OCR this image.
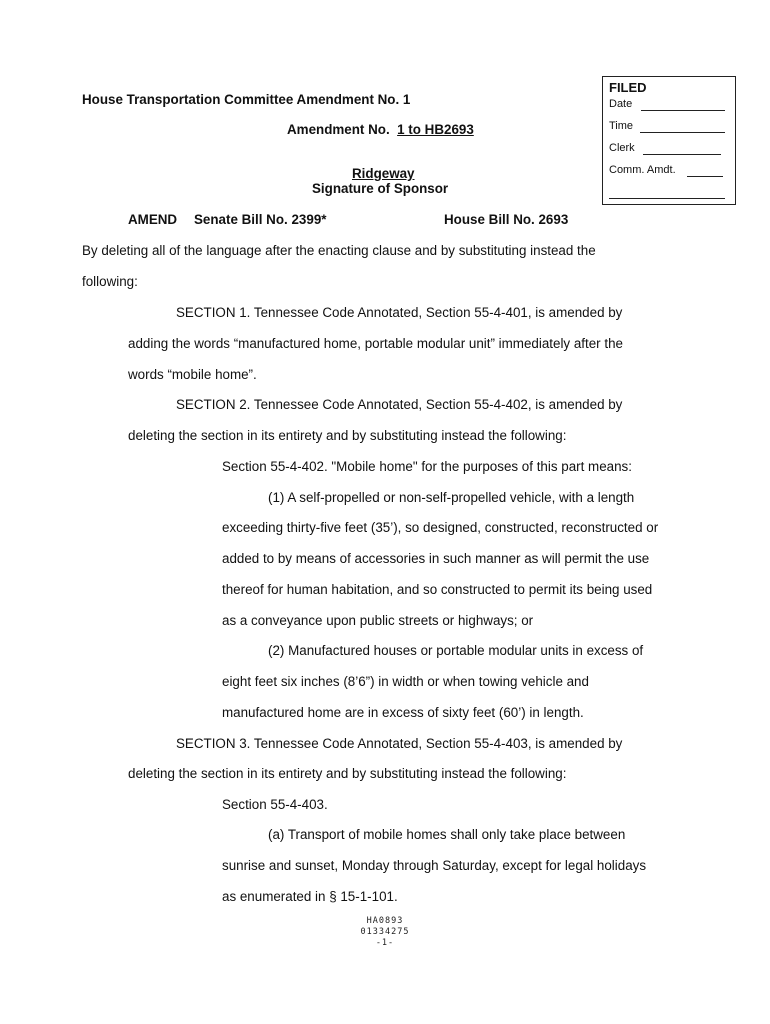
House Transportation Committee Amendment No. 1
Amendment No. 1 to HB2693
Ridgeway
Signature of Sponsor
FILED
Date
Time
Clerk
Comm. Amdt.
AMEND Senate Bill No. 2399*	House Bill No. 2693
By deleting all of the language after the enacting clause and by substituting instead the
following:
SECTION 1. Tennessee Code Annotated, Section 55-4-401, is amended by
adding the words “manufactured home, portable modular unit” immediately after the
words “mobile home”.
SECTION 2. Tennessee Code Annotated, Section 55-4-402, is amended by
deleting the section in its entirety and by substituting instead the following:
Section 55-4-402. "Mobile home" for the purposes of this part means:
(1) A self-propelled or non-self-propelled vehicle, with a length
exceeding thirty-five feet (35’), so designed, constructed, reconstructed or
added to by means of accessories in such manner as will permit the use
thereof for human habitation, and so constructed to permit its being used
as a conveyance upon public streets or highways; or
(2) Manufactured houses or portable modular units in excess of
eight feet six inches (8’6”) in width or when towing vehicle and
manufactured home are in excess of sixty feet (60’) in length.
SECTION 3. Tennessee Code Annotated, Section 55-4-403, is amended by
deleting the section in its entirety and by substituting instead the following:
Section 55-4-403.
(a) Transport of mobile homes shall only take place between
sunrise and sunset, Monday through Saturday, except for legal holidays
as enumerated in § 15-1-101.
HA0893
01334275
-1-
